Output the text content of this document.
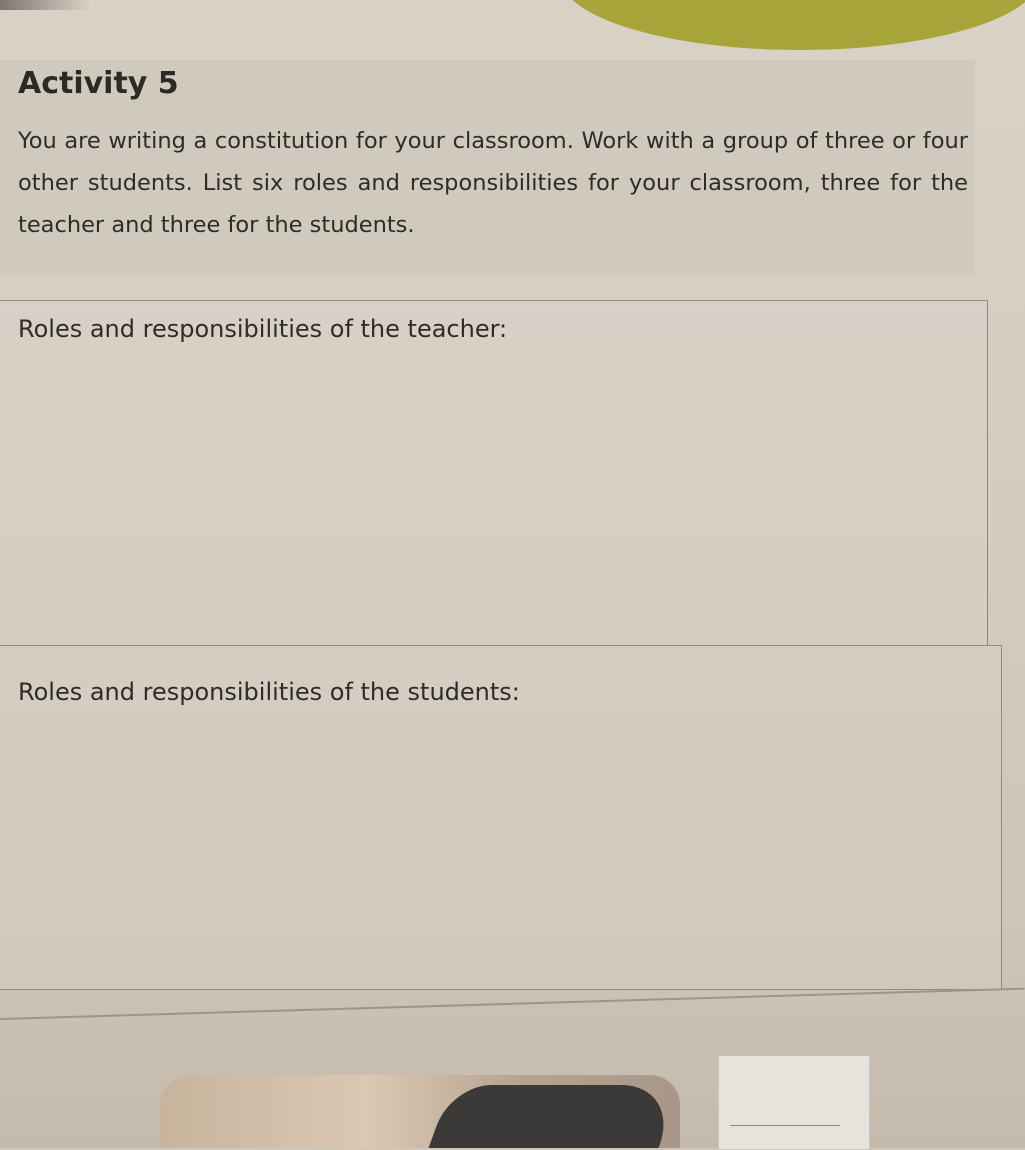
Activity 5

You are writing a constitution for your classroom. Work with a group of three or four other students. List six roles and responsibilities for your classroom, three for the teacher and three for the students.

Roles and responsibilities of the teacher:

Roles and responsibilities of the students:
